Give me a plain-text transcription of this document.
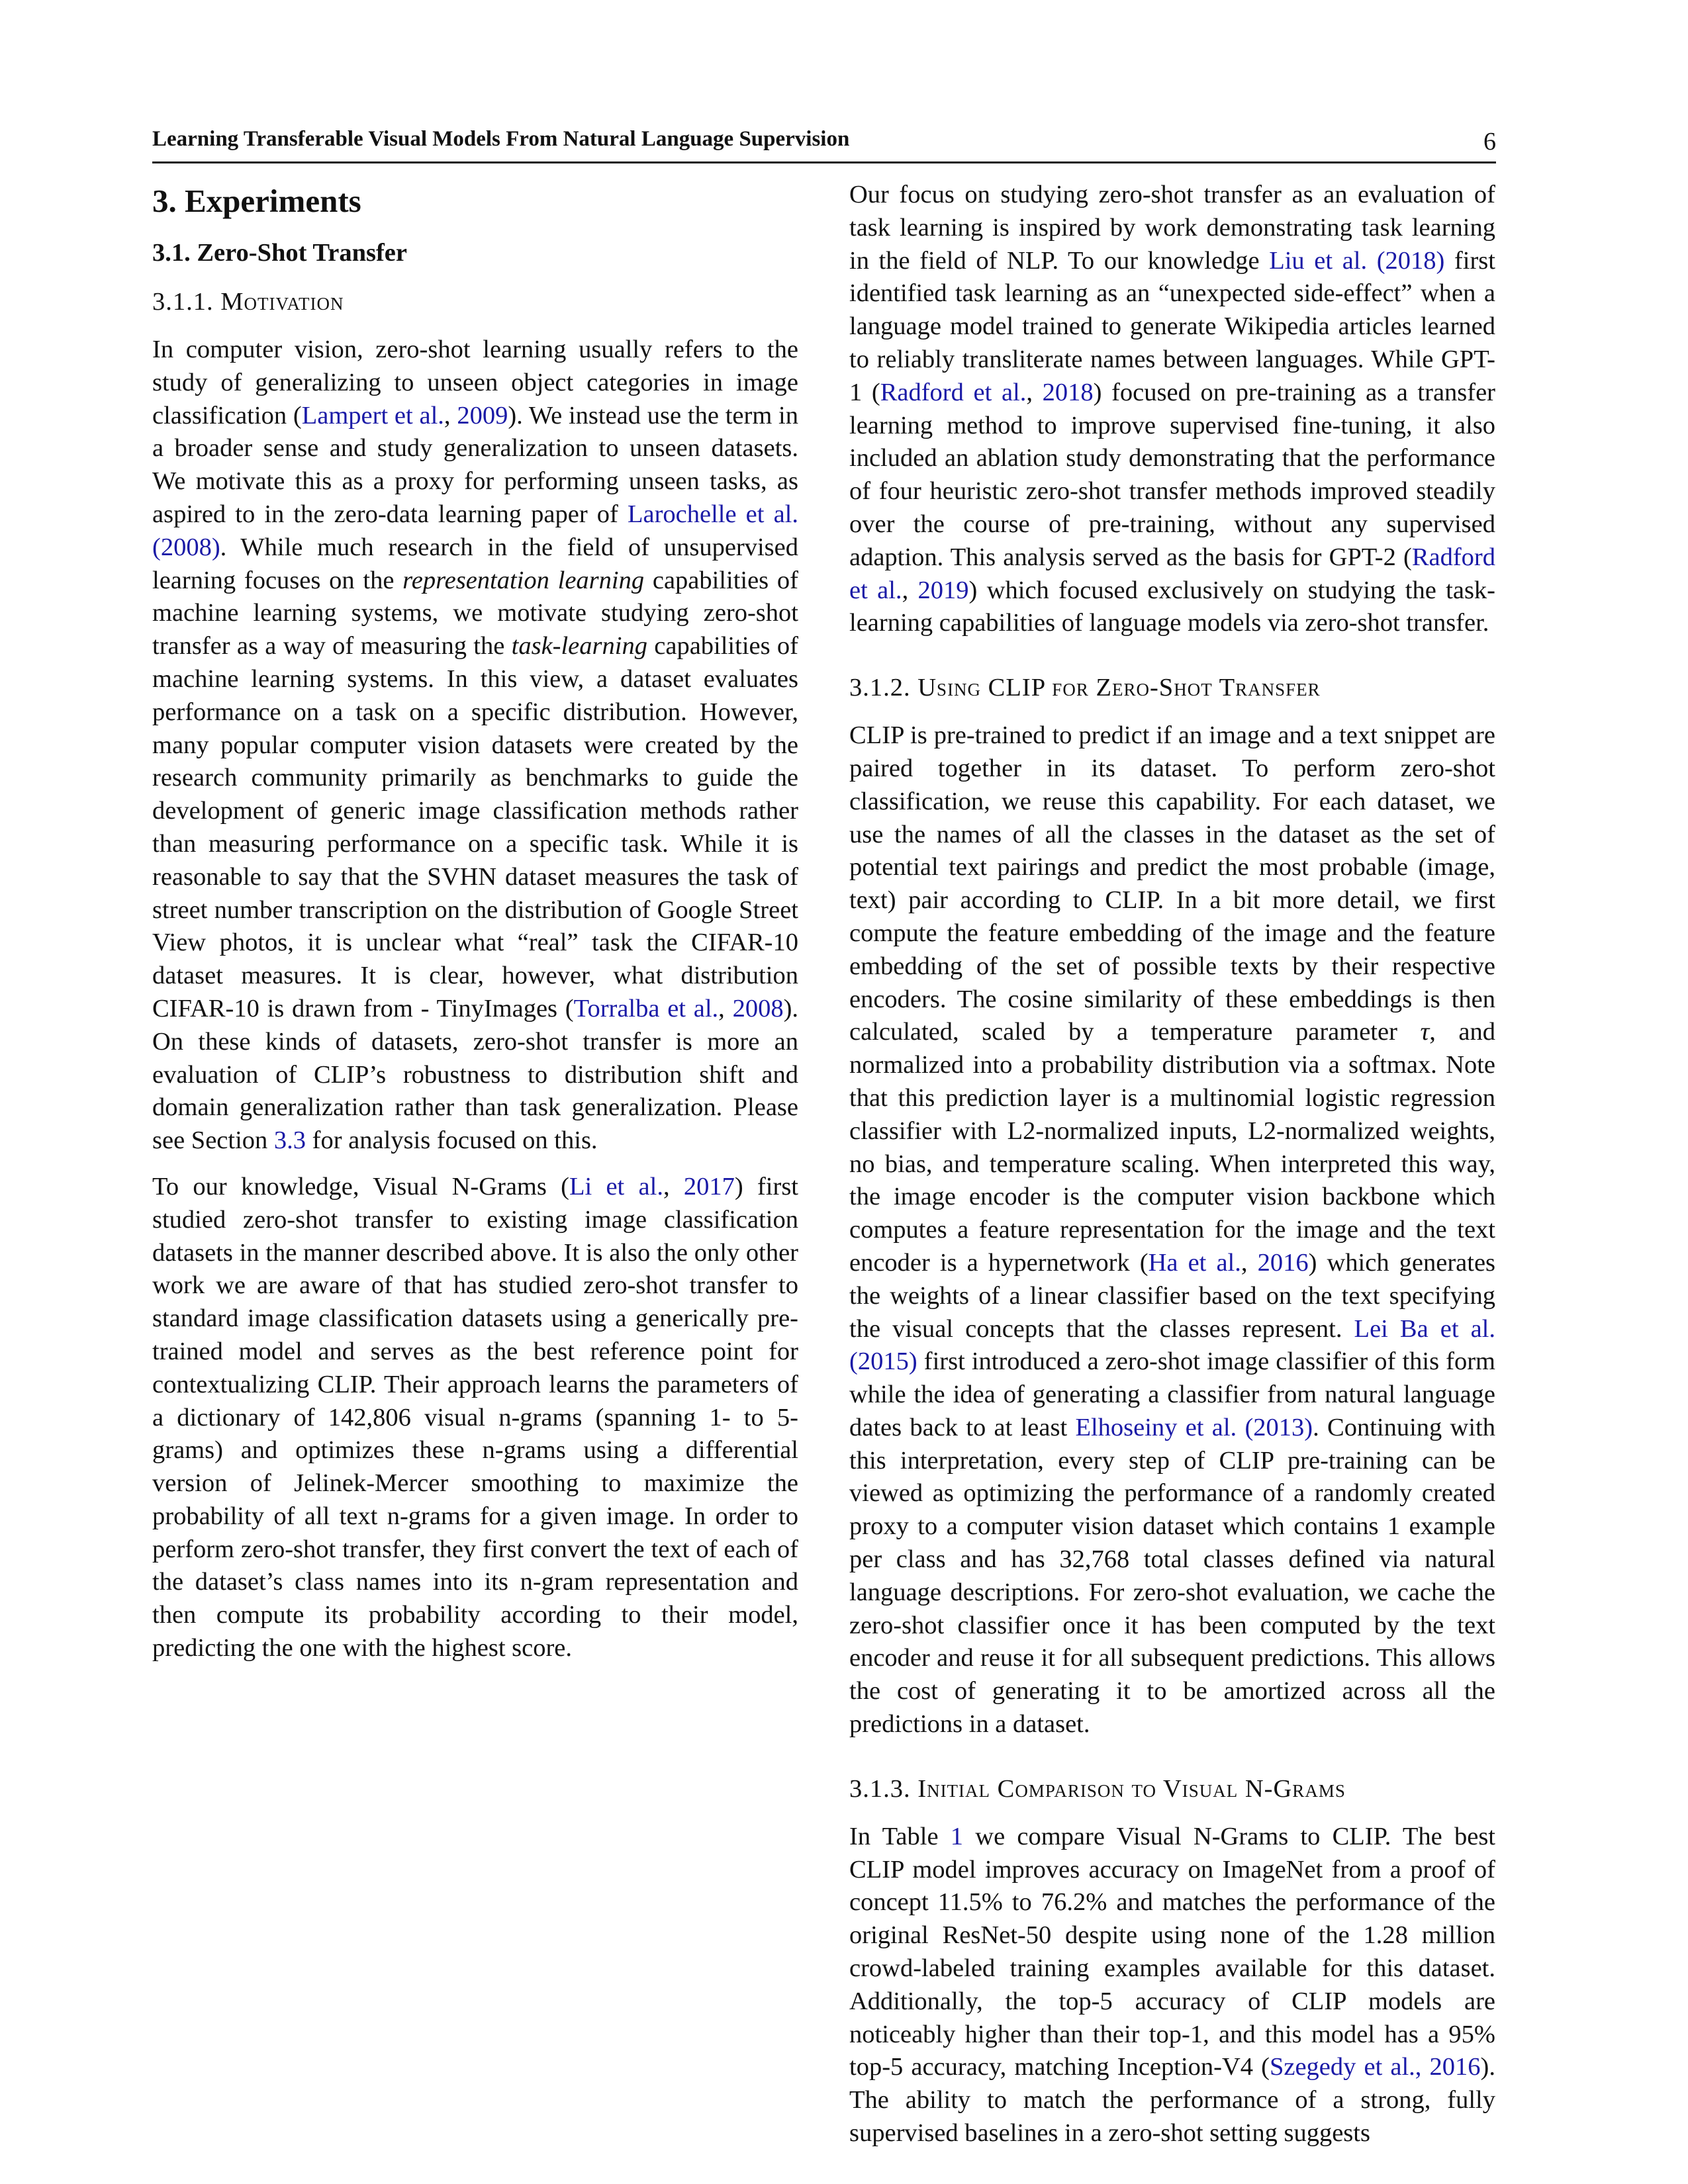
Learning Transferable Visual Models From Natural Language Supervision	6
3. Experiments
3.1. Zero-Shot Transfer
3.1.1. Motivation

In computer vision, zero-shot learning usually refers to the study of generalizing to unseen object categories in image classification (Lampert et al., 2009). We instead use the term in a broader sense and study generalization to unseen datasets. We motivate this as a proxy for performing unseen tasks, as aspired to in the zero-data learning paper of Larochelle et al. (2008). While much research in the field of unsupervised learning focuses on the representation learning capabilities of machine learning systems, we motivate studying zero-shot transfer as a way of measuring the task-learning capabilities of machine learning systems. In this view, a dataset evaluates performance on a task on a specific distribution. However, many popular computer vision datasets were created by the research community primarily as benchmarks to guide the development of generic image classification methods rather than measuring performance on a specific task. While it is reasonable to say that the SVHN dataset measures the task of street number transcription on the distribution of Google Street View photos, it is unclear what “real” task the CIFAR-10 dataset measures. It is clear, however, what distribution CIFAR-10 is drawn from - TinyImages (Torralba et al., 2008). On these kinds of datasets, zero-shot transfer is more an evaluation of CLIP’s robustness to distribution shift and domain generalization rather than task generalization. Please see Section 3.3 for analysis focused on this.

To our knowledge, Visual N-Grams (Li et al., 2017) first studied zero-shot transfer to existing image classification datasets in the manner described above. It is also the only other work we are aware of that has studied zero-shot transfer to standard image classification datasets using a generically pre-trained model and serves as the best reference point for contextualizing CLIP. Their approach learns the parameters of a dictionary of 142,806 visual n-grams (spanning 1- to 5- grams) and optimizes these n-grams using a differential version of Jelinek-Mercer smoothing to maximize the probability of all text n-grams for a given image. In order to perform zero-shot transfer, they first convert the text of each of the dataset’s class names into its n-gram representation and then compute its probability according to their model, predicting the one with the highest score.

Our focus on studying zero-shot transfer as an evaluation of task learning is inspired by work demonstrating task learning in the field of NLP. To our knowledge Liu et al. (2018) first identified task learning as an “unexpected side-effect” when a language model trained to generate Wikipedia articles learned to reliably transliterate names between languages. While GPT-1 (Radford et al., 2018) focused on pre-training as a transfer learning method to improve supervised fine-tuning, it also included an ablation study demonstrating that the performance of four heuristic zero-shot transfer methods improved steadily over the course of pre-training, without any supervised adaption. This analysis served as the basis for GPT-2 (Radford et al., 2019) which focused exclusively on studying the task-learning capabilities of language models via zero-shot transfer.

3.1.2. Using CLIP for Zero-Shot Transfer

CLIP is pre-trained to predict if an image and a text snippet are paired together in its dataset. To perform zero-shot classification, we reuse this capability. For each dataset, we use the names of all the classes in the dataset as the set of potential text pairings and predict the most probable (image, text) pair according to CLIP. In a bit more detail, we first compute the feature embedding of the image and the feature embedding of the set of possible texts by their respective encoders. The cosine similarity of these embeddings is then calculated, scaled by a temperature parameter τ, and normalized into a probability distribution via a softmax. Note that this prediction layer is a multinomial logistic regression classifier with L2-normalized inputs, L2-normalized weights, no bias, and temperature scaling. When interpreted this way, the image encoder is the computer vision backbone which computes a feature representation for the image and the text encoder is a hypernetwork (Ha et al., 2016) which generates the weights of a linear classifier based on the text specifying the visual concepts that the classes represent. Lei Ba et al. (2015) first introduced a zero-shot image classifier of this form while the idea of generating a classifier from natural language dates back to at least Elhoseiny et al. (2013). Continuing with this interpretation, every step of CLIP pre-training can be viewed as optimizing the performance of a randomly created proxy to a computer vision dataset which contains 1 example per class and has 32,768 total classes defined via natural language descriptions. For zero-shot evaluation, we cache the zero-shot classifier once it has been computed by the text encoder and reuse it for all subsequent predictions. This allows the cost of generating it to be amortized across all the predictions in a dataset.

3.1.3. Initial Comparison to Visual N-Grams

In Table 1 we compare Visual N-Grams to CLIP. The best CLIP model improves accuracy on ImageNet from a proof of concept 11.5% to 76.2% and matches the performance of the original ResNet-50 despite using none of the 1.28 million crowd-labeled training examples available for this dataset. Additionally, the top-5 accuracy of CLIP models are noticeably higher than their top-1, and this model has a 95% top-5 accuracy, matching Inception-V4 (Szegedy et al., 2016). The ability to match the performance of a strong, fully supervised baselines in a zero-shot setting suggests
